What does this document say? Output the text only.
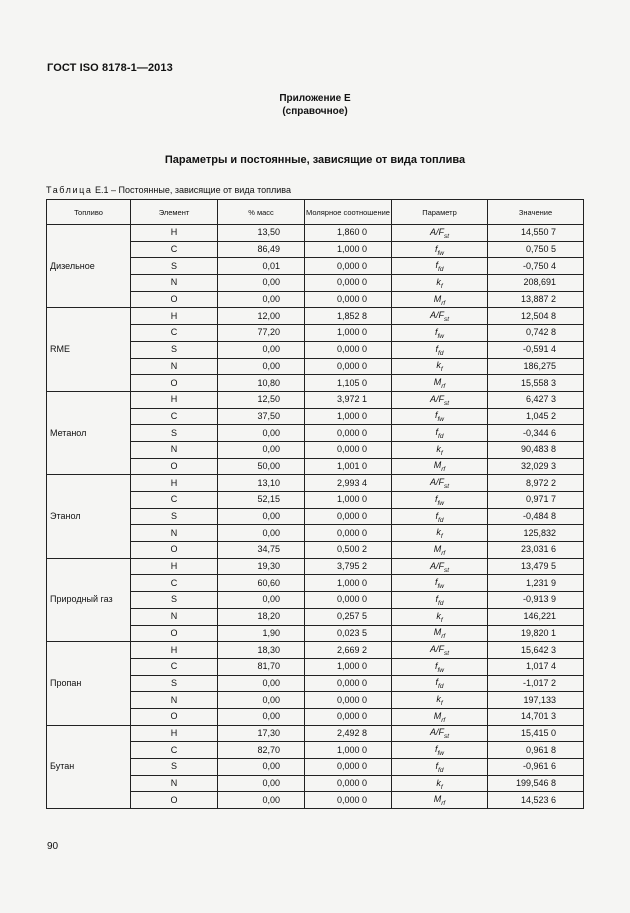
ГОСТ ISO 8178-1—2013
Приложение Е
(справочное)
Параметры и постоянные, зависящие от вида топлива
Таблица Е.1 – Постоянные, зависящие от вида топлива
Топливо	Элемент	% масс	Молярное соотношение	Параметр	Значение
Дизельное	H	13,50	1,860 0	$A/F_{st}$	14,550 7
	C	86,49	1,000 0	$f_{fw}$	0,750 5
	S	0,01	0,000 0	$f_{fd}$	-0,750 4
	N	0,00	0,000 0	$k_f$	208,691
	O	0,00	0,000 0	$M_{rf}$	13,887 2
RME	H	12,00	1,852 8	$A/F_{st}$	12,504 8
	C	77,20	1,000 0	$f_{fw}$	0,742 8
	S	0,00	0,000 0	$f_{fd}$	-0,591 4
	N	0,00	0,000 0	$k_f$	186,275
	O	10,80	1,105 0	$M_{rf}$	15,558 3
Метанол	H	12,50	3,972 1	$A/F_{st}$	6,427 3
	C	37,50	1,000 0	$f_{fw}$	1,045 2
	S	0,00	0,000 0	$f_{fd}$	-0,344 6
	N	0,00	0,000 0	$k_f$	90,483 8
	O	50,00	1,001 0	$M_{rf}$	32,029 3
Этанол	H	13,10	2,993 4	$A/F_{st}$	8,972 2
	C	52,15	1,000 0	$f_{fw}$	0,971 7
	S	0,00	0,000 0	$f_{fd}$	-0,484 8
	N	0,00	0,000 0	$k_f$	125,832
	O	34,75	0,500 2	$M_{rf}$	23,031 6
Природный газ	H	19,30	3,795 2	$A/F_{st}$	13,479 5
	C	60,60	1,000 0	$f_{fw}$	1,231 9
	S	0,00	0,000 0	$f_{fd}$	-0,913 9
	N	18,20	0,257 5	$k_f$	146,221
	O	1,90	0,023 5	$M_{rf}$	19,820 1
Пропан	H	18,30	2,669 2	$A/F_{st}$	15,642 3
	C	81,70	1,000 0	$f_{fw}$	1,017 4
	S	0,00	0,000 0	$f_{fd}$	-1,017 2
	N	0,00	0,000 0	$k_f$	197,133
	O	0,00	0,000 0	$M_{rf}$	14,701 3
Бутан	H	17,30	2,492 8	$A/F_{st}$	15,415 0
	C	82,70	1,000 0	$f_{fw}$	0,961 8
	S	0,00	0,000 0	$f_{fd}$	-0,961 6
	N	0,00	0,000 0	$k_f$	199,546 8
	O	0,00	0,000 0	$M_{rf}$	14,523 6
90
